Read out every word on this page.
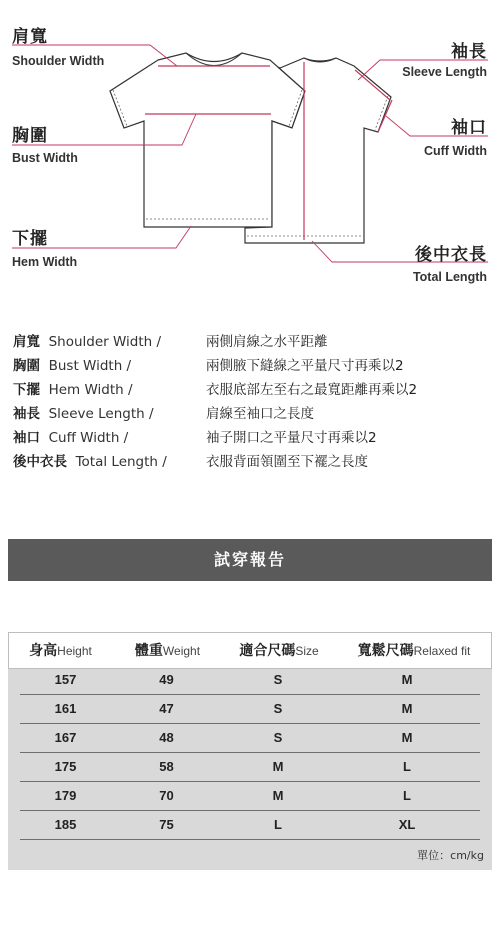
肩寬
Shoulder Width
胸圍
Bust Width
下擺
Hem Width
袖長
Sleeve Length
袖口
Cuff Width
後中衣長
Total Length
肩寬  Shoulder Width /	兩側肩線之水平距離
胸圍  Bust Width /	兩側腋下縫線之平量尺寸再乘以2
下擺  Hem Width /	衣服底部左至右之最寬距離再乘以2
袖長  Sleeve Length /	肩線至袖口之長度
袖口  Cuff Width /	袖子開口之平量尺寸再乘以2
後中衣長  Total Length /	衣服背面領圍至下襬之長度
試穿報告
身高Height	體重Weight	適合尺碼Size	寬鬆尺碼Relaxed fit
157	49	S	M
161	47	S	M
167	48	S	M
175	58	M	L
179	70	M	L
185	75	L	XL
單位：cm/kg
